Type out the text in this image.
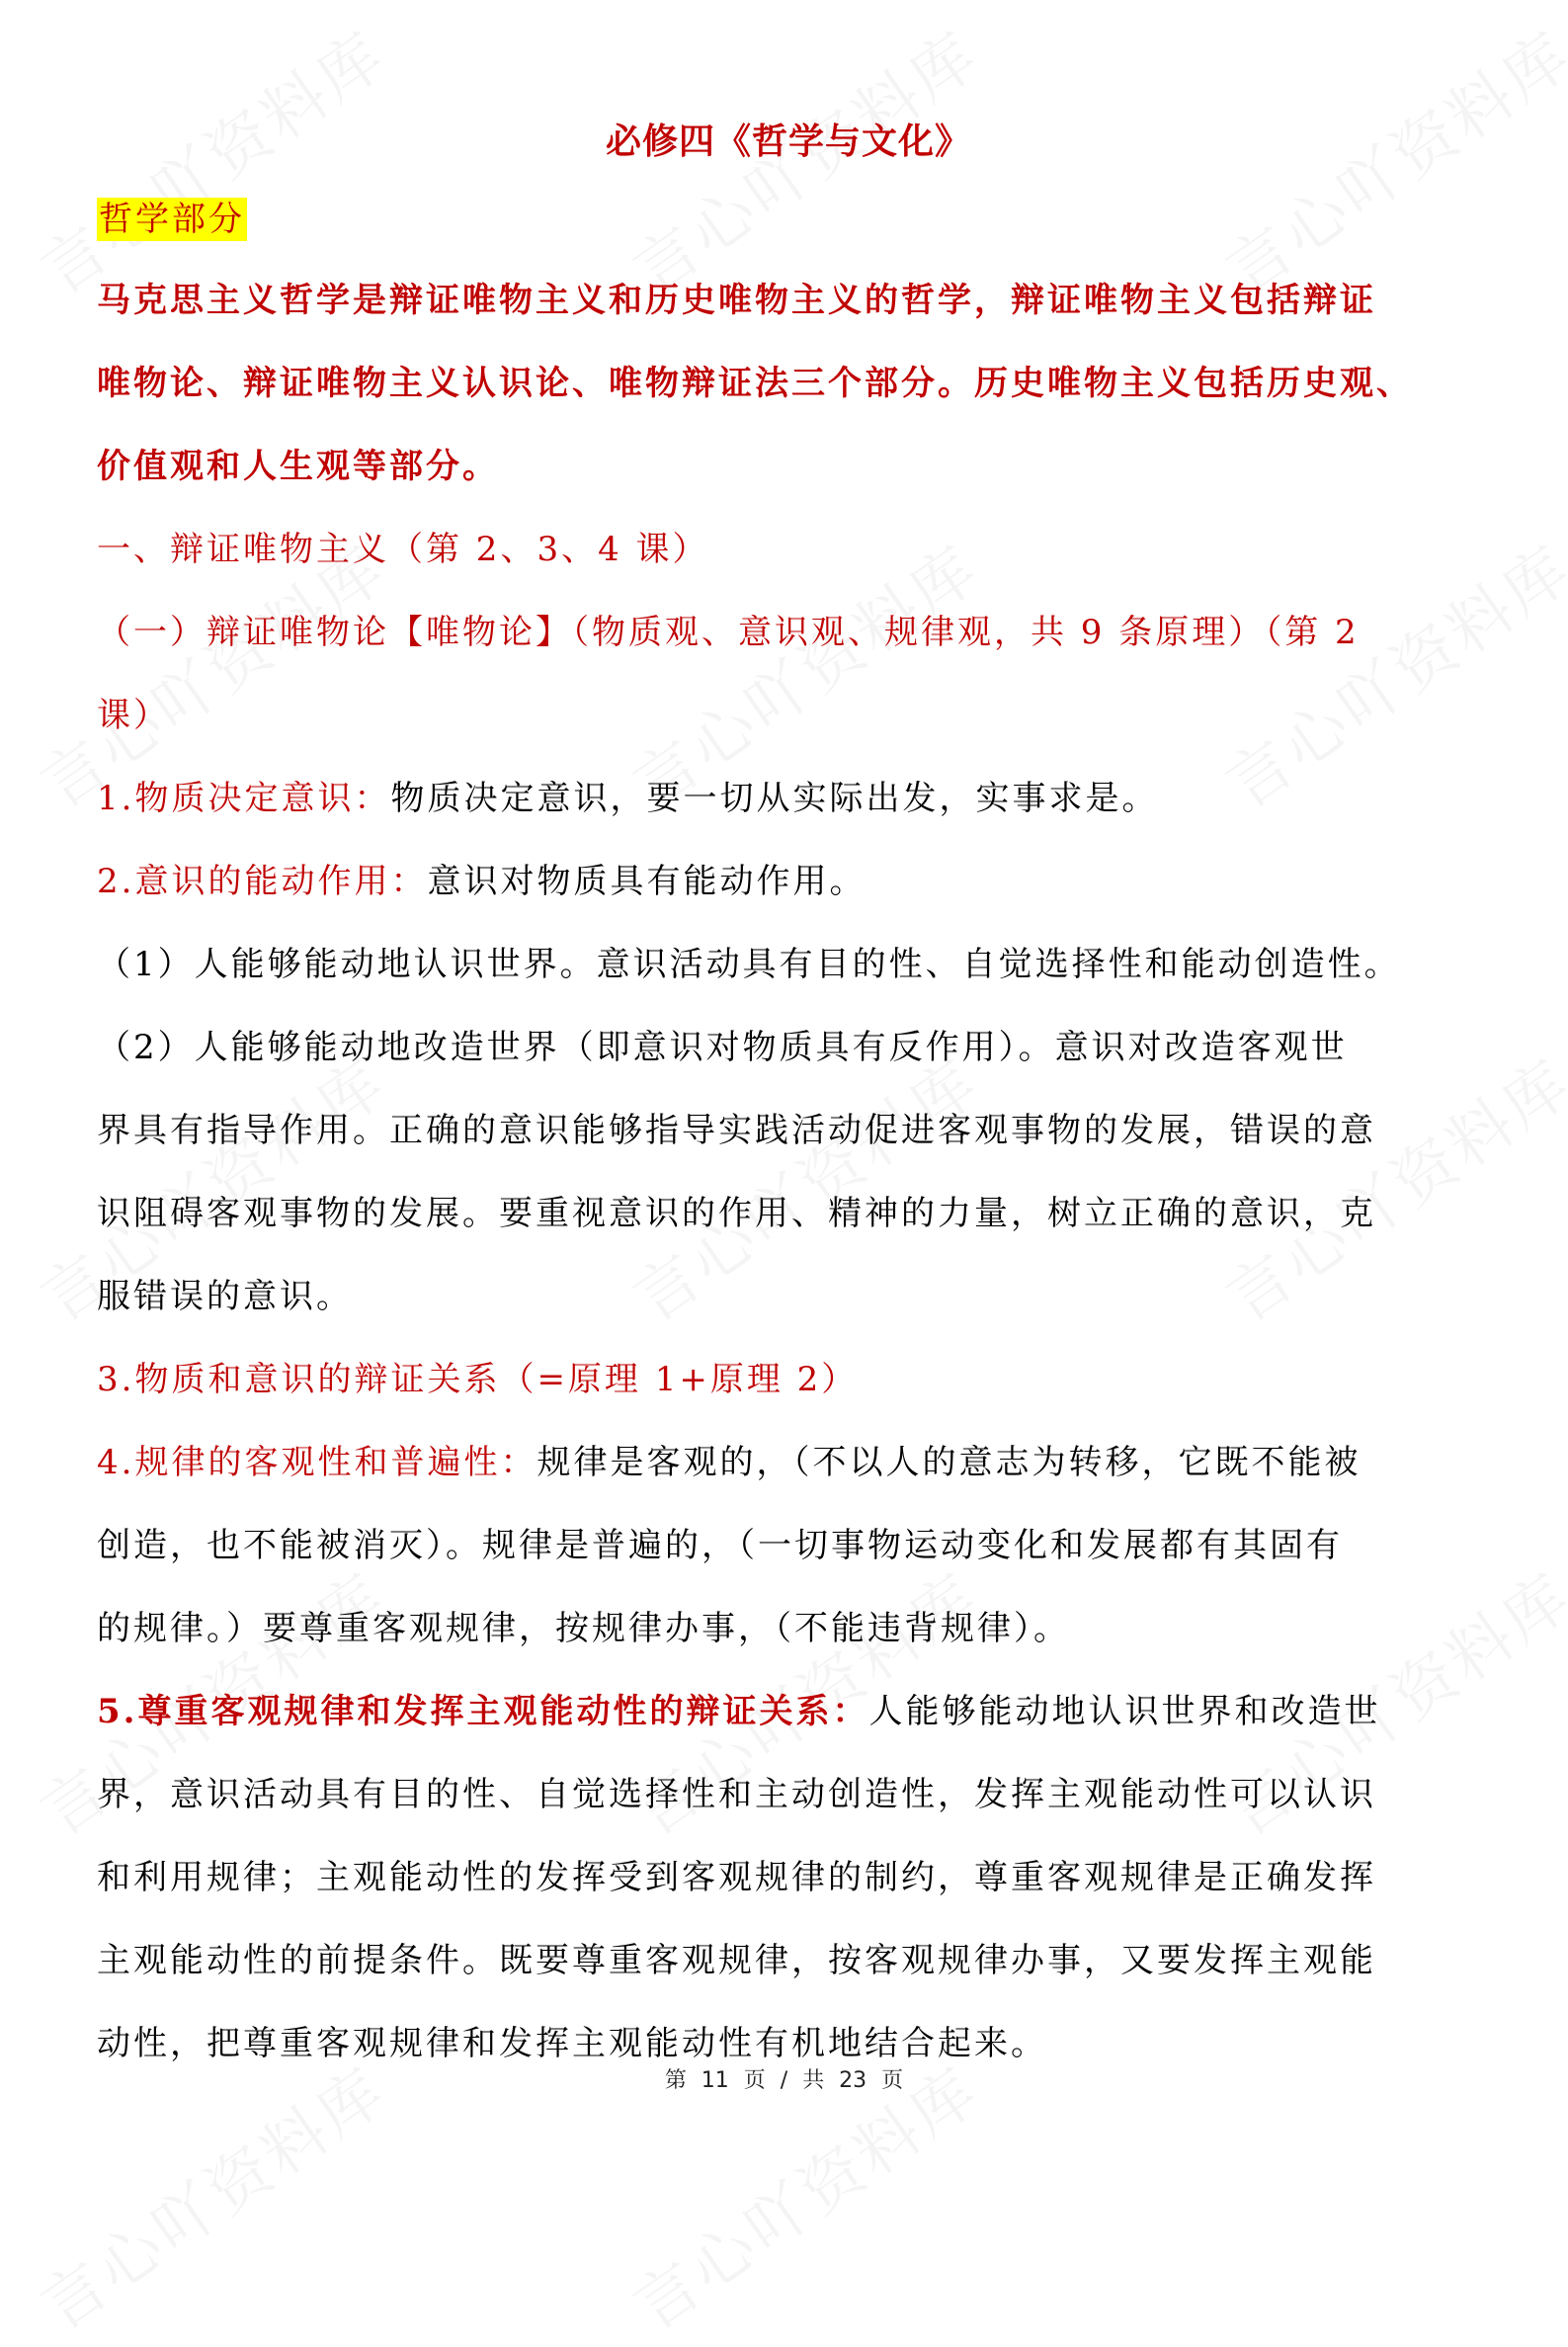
必修四《哲学与文化》
哲学部分
马克思主义哲学是辩证唯物主义和历史唯物主义的哲学，辩证唯物主义包括辩证
唯物论、辩证唯物主义认识论、唯物辩证法三个部分。历史唯物主义包括历史观、
价值观和人生观等部分。
一、辩证唯物主义（第 2、3、4 课）
（一）辩证唯物论【唯物论】（物质观、意识观、规律观，共 9 条原理）（第 2
课）
1.物质决定意识：物质决定意识，要一切从实际出发，实事求是。
2.意识的能动作用：意识对物质具有能动作用。
（1）人能够能动地认识世界。意识活动具有目的性、自觉选择性和能动创造性。
（2）人能够能动地改造世界（即意识对物质具有反作用）。意识对改造客观世
界具有指导作用。正确的意识能够指导实践活动促进客观事物的发展，错误的意
识阻碍客观事物的发展。要重视意识的作用、精神的力量，树立正确的意识，克
服错误的意识。
3.物质和意识的辩证关系（=原理 1+原理 2）
4.规律的客观性和普遍性：规律是客观的，（不以人的意志为转移，它既不能被
创造，也不能被消灭）。规律是普遍的，（一切事物运动变化和发展都有其固有
的规律。）要尊重客观规律，按规律办事，（不能违背规律）。
5.尊重客观规律和发挥主观能动性的辩证关系：人能够能动地认识世界和改造世
界，意识活动具有目的性、自觉选择性和主动创造性，发挥主观能动性可以认识
和利用规律；主观能动性的发挥受到客观规律的制约，尊重客观规律是正确发挥
主观能动性的前提条件。既要尊重客观规律，按客观规律办事，又要发挥主观能
动性，把尊重客观规律和发挥主观能动性有机地结合起来。
第 11 页 / 共 23 页
